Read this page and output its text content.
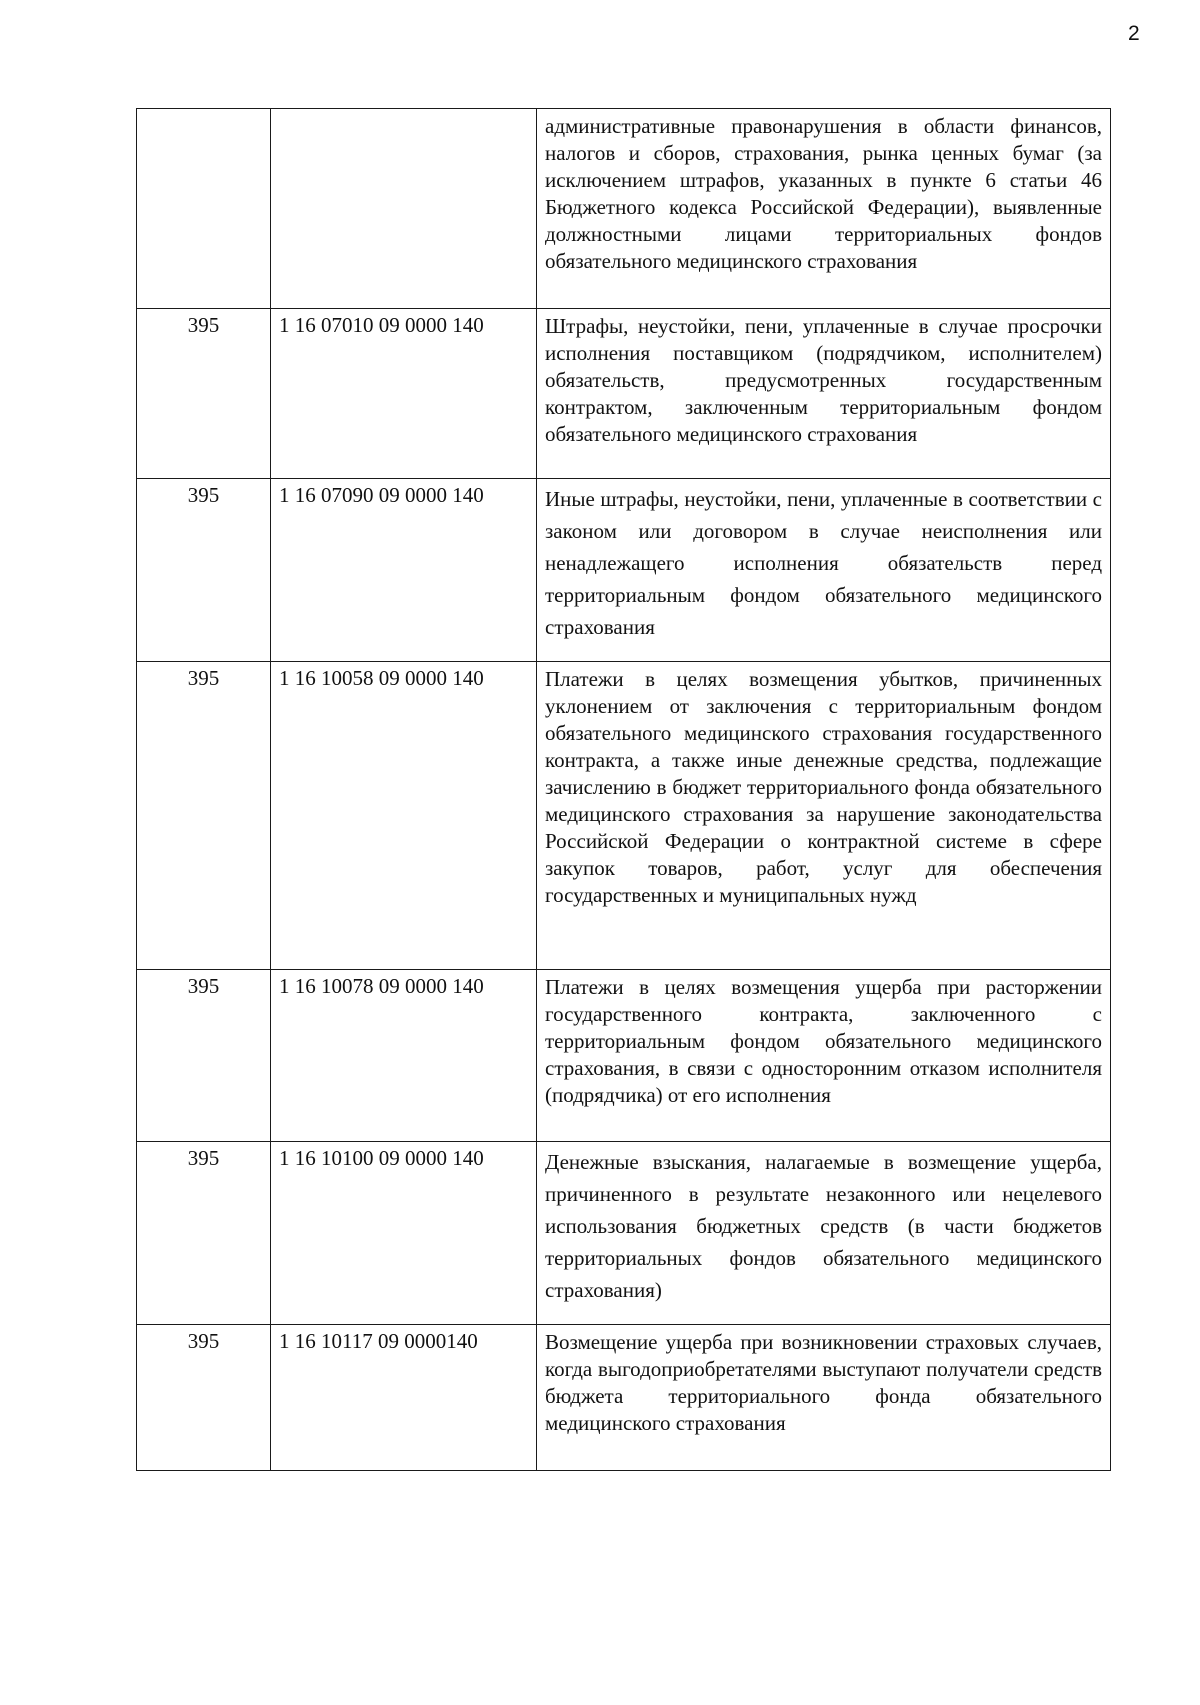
2
		административные правонарушения в области финансов, налогов и сборов, страхования, рынка ценных бумаг (за исключением штрафов, указанных в пункте 6 статьи 46 Бюджетного кодекса Российской Федерации), выявленные должностными лицами территориальных фондов обязательного медицинского страхования
395	1 16 07010 09 0000 140	Штрафы, неустойки, пени, уплаченные в случае просрочки исполнения поставщиком (подрядчиком, исполнителем) обязательств, предусмотренных государственным контрактом, заключенным территориальным фондом обязательного медицинского страхования
395	1 16 07090 09 0000 140	Иные штрафы, неустойки, пени, уплаченные в соответствии с законом или договором в случае неисполнения или ненадлежащего исполнения обязательств перед территориальным фондом обязательного медицинского страхования
395	1 16 10058 09 0000 140	Платежи в целях возмещения убытков, причиненных уклонением от заключения с территориальным фондом обязательного медицинского страхования государственного контракта, а также иные денежные средства, подлежащие зачислению в бюджет территориального фонда обязательного медицинского страхования за нарушение законодательства Российской Федерации о контрактной системе в сфере закупок товаров, работ, услуг для обеспечения государственных и муниципальных нужд
395	1 16 10078 09 0000 140	Платежи в целях возмещения ущерба при расторжении государственного контракта, заключенного с территориальным фондом обязательного медицинского страхования, в связи с односторонним отказом исполнителя (подрядчика) от его исполнения
395	1 16 10100 09 0000 140	Денежные взыскания, налагаемые в возмещение ущерба, причиненного в результате незаконного или нецелевого использования бюджетных средств (в части бюджетов территориальных фондов обязательного медицинского страхования)
395	1 16 10117 09 0000140	Возмещение ущерба при возникновении страховых случаев, когда выгодоприобретателями выступают получатели средств бюджета территориального фонда обязательного медицинского страхования
